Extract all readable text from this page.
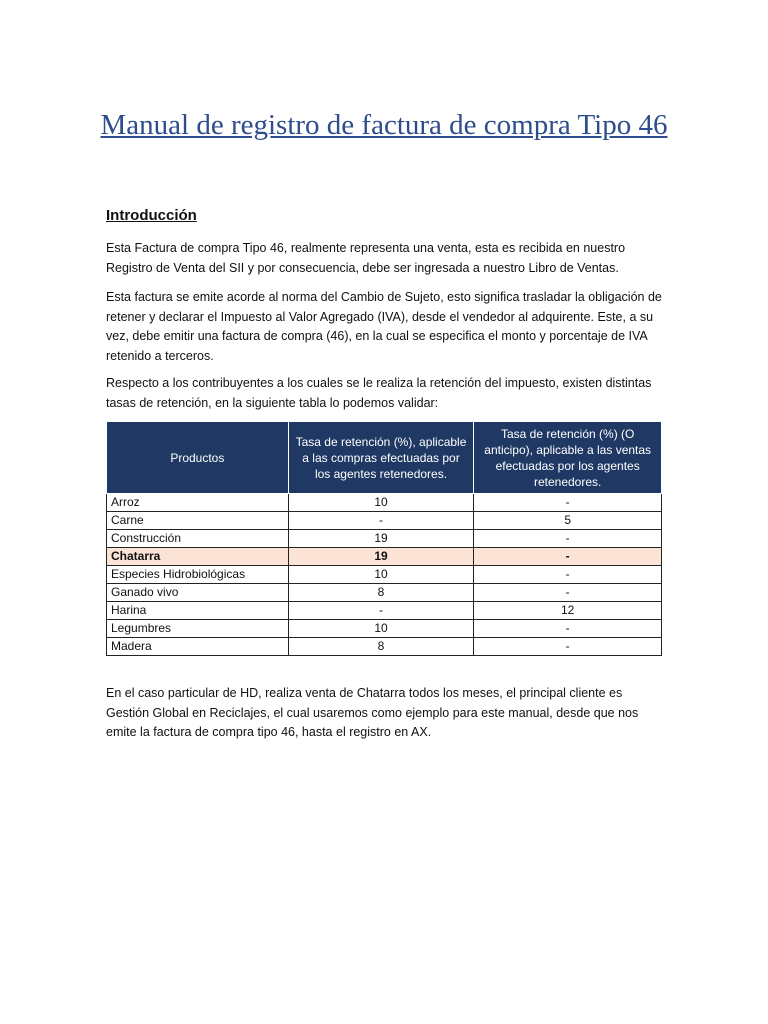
Manual de registro de factura de compra Tipo 46
Introducción

Esta Factura de compra Tipo 46, realmente representa una venta, esta es recibida en nuestro Registro de Venta del SII y por consecuencia, debe ser ingresada a nuestro Libro de Ventas.

Esta factura se emite acorde al norma del Cambio de Sujeto, esto significa trasladar la obligación de retener y declarar el Impuesto al Valor Agregado (IVA), desde el vendedor al adquirente. Este, a su vez, debe emitir una factura de compra (46), en la cual se especifica el monto y porcentaje de IVA retenido a terceros.

Respecto a los contribuyentes a los cuales se le realiza la retención del impuesto, existen distintas tasas de retención, en la siguiente tabla lo podemos validar:

Productos	Tasa de retención (%), aplicable a las compras efectuadas por los agentes retenedores.	Tasa de retención (%) (O anticipo), aplicable a las ventas efectuadas por los agentes retenedores.
Arroz	10	-
Carne	-	5
Construcción	19	-
Chatarra	19	-
Especies Hidrobiológicas	10	-
Ganado vivo	8	-
Harina	-	12
Legumbres	10	-
Madera	8	-

En el caso particular de HD, realiza venta de Chatarra todos los meses, el principal cliente es Gestión Global en Reciclajes, el cual usaremos como ejemplo para este manual, desde que nos emite la factura de compra tipo 46, hasta el registro en AX.
